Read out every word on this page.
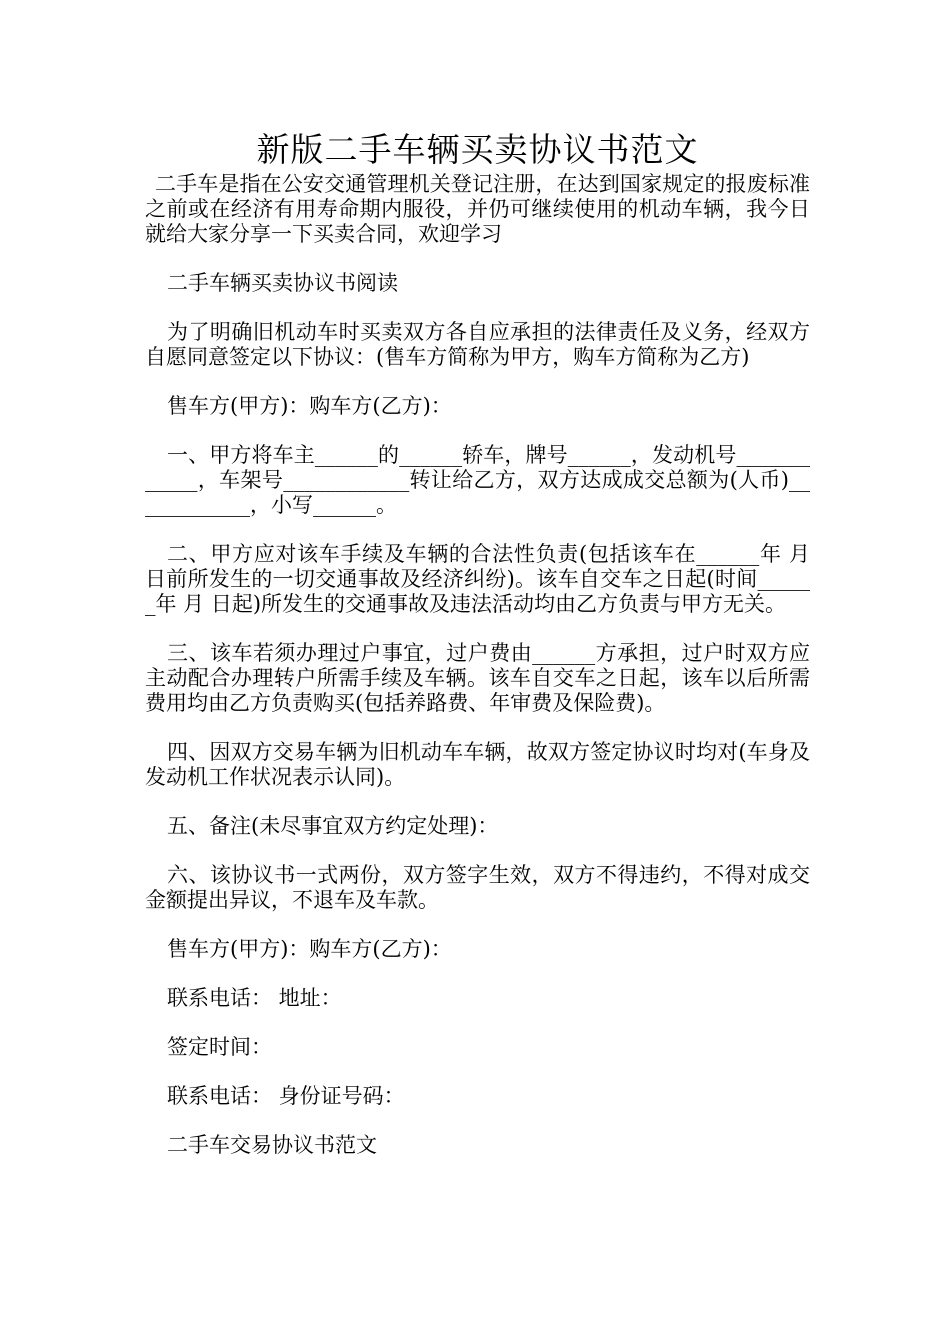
新版二手车辆买卖协议书范文

二手车是指在公安交通管理机关登记注册，在达到国家规定的报废标准之前或在经济有用寿命期内服役，并仍可继续使用的机动车辆，我今日就给大家分享一下买卖合同，欢迎学习

二手车辆买卖协议书阅读

为了明确旧机动车时买卖双方各自应承担的法律责任及义务，经双方自愿同意签定以下协议：(售车方简称为甲方，购车方简称为乙方)

售车方(甲方)：购车方(乙方)：

一、甲方将车主______的______轿车，牌号______，发动机号____________，车架号____________转让给乙方，双方达成成交总额为(人币)____________，小写______。

二、甲方应对该车手续及车辆的合法性负责(包括该车在______年 月 日前所发生的一切交通事故及经济纠纷)。该车自交车之日起(时间______年 月 日起)所发生的交通事故及违法活动均由乙方负责与甲方无关。

三、该车若须办理过户事宜，过户费由______方承担，过户时双方应主动配合办理转户所需手续及车辆。该车自交车之日起，该车以后所需费用均由乙方负责购买(包括养路费、年审费及保险费)。

四、因双方交易车辆为旧机动车车辆，故双方签定协议时均对(车身及发动机工作状况表示认同)。

五、备注(未尽事宜双方约定处理)：

六、该协议书一式两份，双方签字生效，双方不得违约，不得对成交金额提出异议，不退车及车款。

售车方(甲方)：购车方(乙方)：

联系电话： 地址：

签定时间：

联系电话： 身份证号码：

二手车交易协议书范文
